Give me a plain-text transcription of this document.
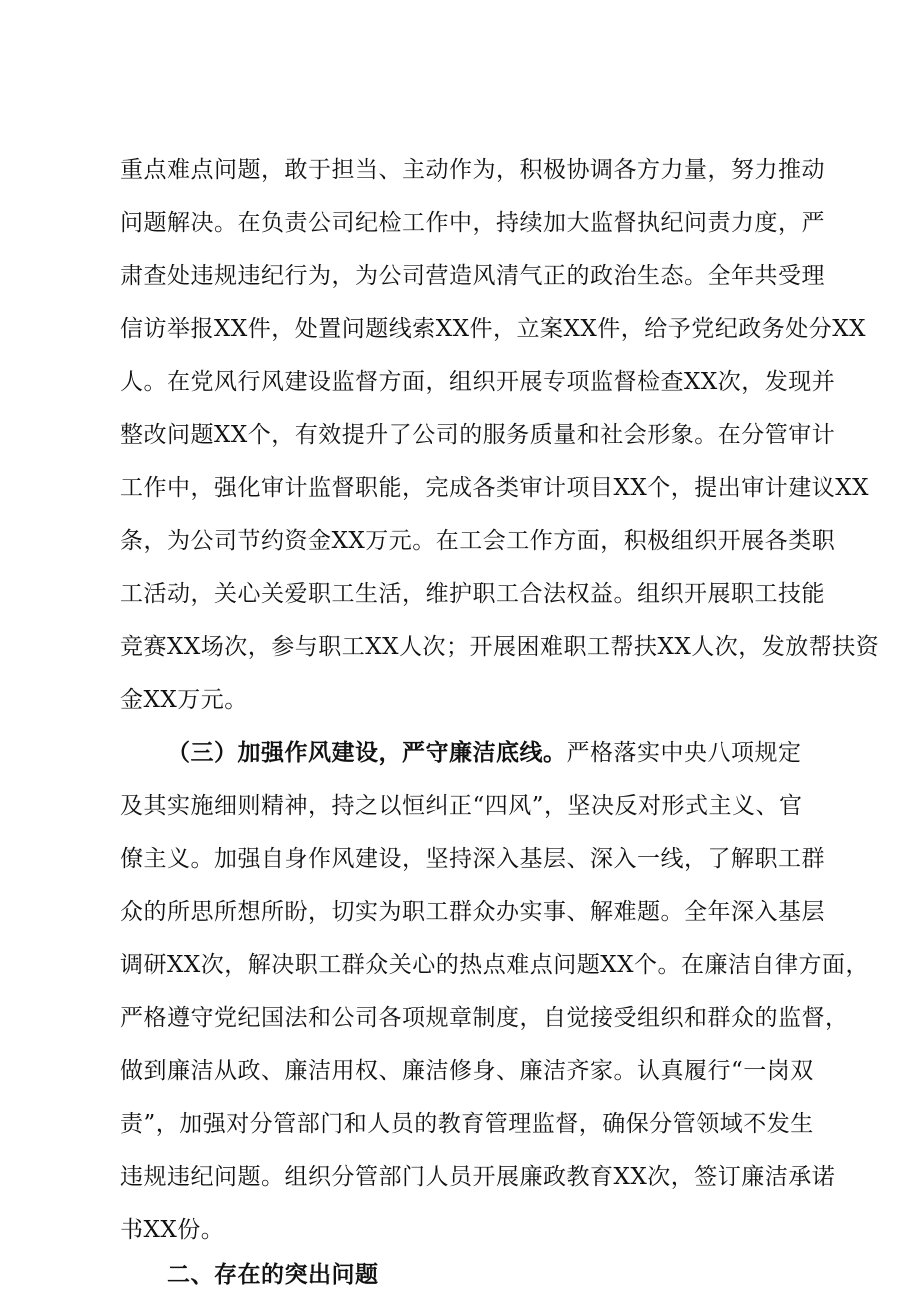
重点难点问题，敢于担当、主动作为，积极协调各方力量，努力推动
问题解决。在负责公司纪检工作中，持续加大监督执纪问责力度，严
肃查处违规违纪行为，为公司营造风清气正的政治生态。全年共受理
信访举报XX件，处置问题线索XX件，立案XX件，给予党纪政务处分XX
人。在党风行风建设监督方面，组织开展专项监督检查XX次，发现并
整改问题XX个，有效提升了公司的服务质量和社会形象。在分管审计
工作中，强化审计监督职能，完成各类审计项目XX个，提出审计建议XX
条，为公司节约资金XX万元。在工会工作方面，积极组织开展各类职
工活动，关心关爱职工生活，维护职工合法权益。组织开展职工技能
竞赛XX场次，参与职工XX人次；开展困难职工帮扶XX人次，发放帮扶资
金XX万元。
（三）加强作风建设，严守廉洁底线。严格落实中央八项规定
及其实施细则精神，持之以恒纠正“四风”，坚决反对形式主义、官
僚主义。加强自身作风建设，坚持深入基层、深入一线，了解职工群
众的所思所想所盼，切实为职工群众办实事、解难题。全年深入基层
调研XX次，解决职工群众关心的热点难点问题XX个。在廉洁自律方面，
严格遵守党纪国法和公司各项规章制度，自觉接受组织和群众的监督，
做到廉洁从政、廉洁用权、廉洁修身、廉洁齐家。认真履行“一岗双
责”，加强对分管部门和人员的教育管理监督，确保分管领域不发生
违规违纪问题。组织分管部门人员开展廉政教育XX次，签订廉洁承诺
书XX份。
二、存在的突出问题
